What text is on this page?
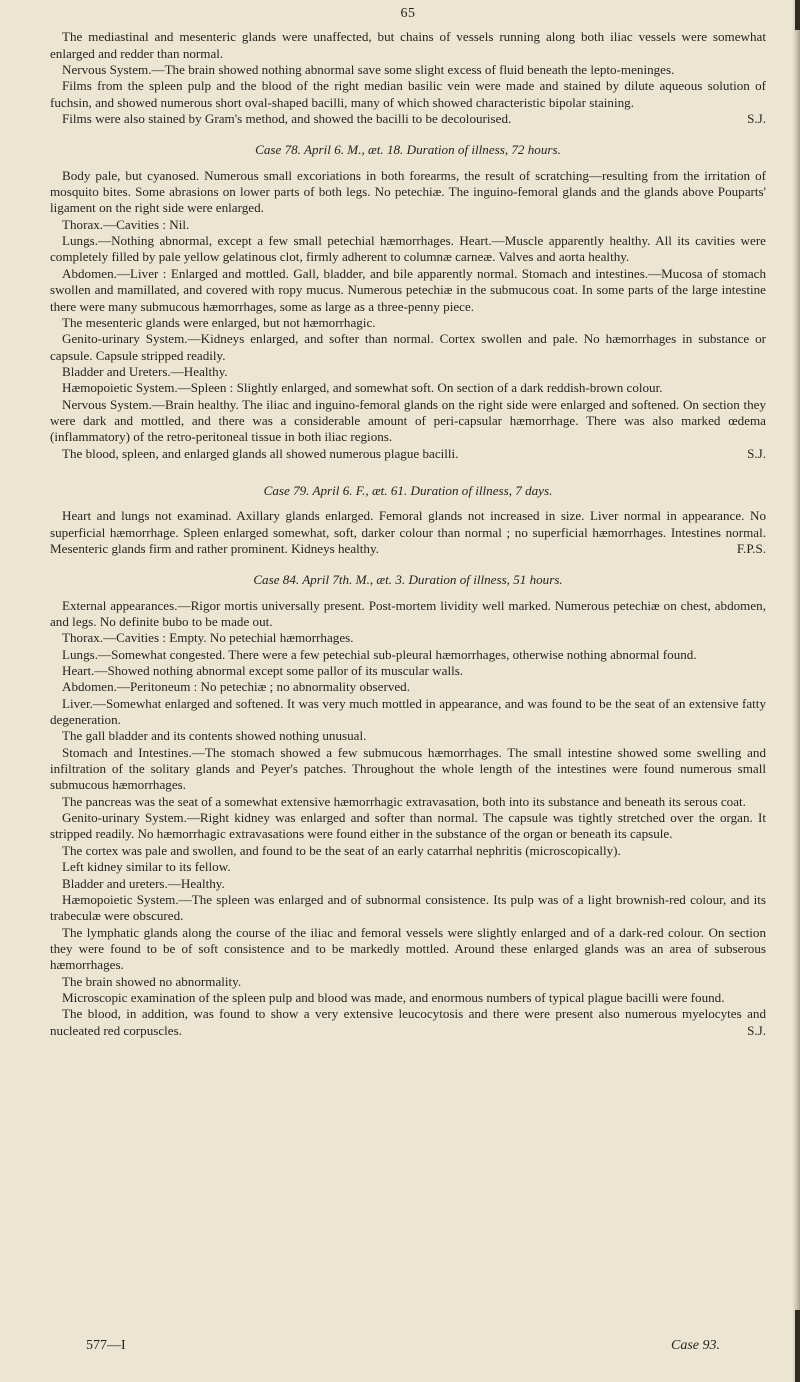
65

The mediastinal and mesenteric glands were unaffected, but chains of vessels running along both iliac vessels were somewhat enlarged and redder than normal.

Nervous System.—The brain showed nothing abnormal save some slight excess of fluid beneath the lepto-meninges.

Films from the spleen pulp and the blood of the right median basilic vein were made and stained by dilute aqueous solution of fuchsin, and showed numerous short oval-shaped bacilli, many of which showed characteristic bipolar staining.

Films were also stained by Gram's method, and showed the bacilli to be decolourised.	S.J.

Case 78. April 6. M., æt. 18. Duration of illness, 72 hours.

Body pale, but cyanosed. Numerous small excoriations in both forearms, the result of scratching—resulting from the irritation of mosquito bites. Some abrasions on lower parts of both legs. No petechiæ. The inguino-femoral glands and the glands above Pouparts' ligament on the right side were enlarged.

Thorax.—Cavities : Nil.

Lungs.—Nothing abnormal, except a few small petechial hæmorrhages. Heart.—Muscle apparently healthy. All its cavities were completely filled by pale yellow gelatinous clot, firmly adherent to columnæ carneæ. Valves and aorta healthy.

Abdomen.—Liver : Enlarged and mottled. Gall, bladder, and bile apparently normal. Stomach and intestines.—Mucosa of stomach swollen and mamillated, and covered with ropy mucus. Numerous petechiæ in the submucous coat. In some parts of the large intestine there were many submucous hæmorrhages, some as large as a three-penny piece.

The mesenteric glands were enlarged, but not hæmorrhagic.

Genito-urinary System.—Kidneys enlarged, and softer than normal. Cortex swollen and pale. No hæmorrhages in substance or capsule. Capsule stripped readily.

Bladder and Ureters.—Healthy.

Hæmopoietic System.—Spleen : Slightly enlarged, and somewhat soft. On section of a dark reddish-brown colour.

Nervous System.—Brain healthy. The iliac and inguino-femoral glands on the right side were enlarged and softened. On section they were dark and mottled, and there was a considerable amount of peri-capsular hæmorrhage. There was also marked œdema (inflammatory) of the retro-peritoneal tissue in both iliac regions.

The blood, spleen, and enlarged glands all showed numerous plague bacilli.	S.J.

Case 79. April 6. F., æt. 61. Duration of illness, 7 days.

Heart and lungs not examinad. Axillary glands enlarged. Femoral glands not increased in size. Liver normal in appearance. No superficial hæmorrhage. Spleen enlarged somewhat, soft, darker colour than normal ; no superficial hæmorrhages. Intestines normal. Mesenteric glands firm and rather prominent. Kidneys healthy.	F.P.S.

Case 84. April 7th. M., æt. 3. Duration of illness, 51 hours.

External appearances.—Rigor mortis universally present. Post-mortem lividity well marked. Numerous petechiæ on chest, abdomen, and legs. No definite bubo to be made out.

Thorax.—Cavities : Empty. No petechial hæmorrhages.

Lungs.—Somewhat congested. There were a few petechial sub-pleural hæmorrhages, otherwise nothing abnormal found.

Heart.—Showed nothing abnormal except some pallor of its muscular walls.

Abdomen.—Peritoneum : No petechiæ ; no abnormality observed.

Liver.—Somewhat enlarged and softened. It was very much mottled in appearance, and was found to be the seat of an extensive fatty degeneration.

The gall bladder and its contents showed nothing unusual.

Stomach and Intestines.—The stomach showed a few submucous hæmorrhages. The small intestine showed some swelling and infiltration of the solitary glands and Peyer's patches. Throughout the whole length of the intestines were found numerous small submucous hæmorrhages.

The pancreas was the seat of a somewhat extensive hæmorrhagic extravasation, both into its substance and beneath its serous coat.

Genito-urinary System.—Right kidney was enlarged and softer than normal. The capsule was tightly stretched over the organ. It stripped readily. No hæmorrhagic extravasations were found either in the substance of the organ or beneath its capsule.

The cortex was pale and swollen, and found to be the seat of an early catarrhal nephritis (microscopically).

Left kidney similar to its fellow.

Bladder and ureters.—Healthy.

Hæmopoietic System.—The spleen was enlarged and of subnormal consistence. Its pulp was of a light brownish-red colour, and its trabeculæ were obscured.

The lymphatic glands along the course of the iliac and femoral vessels were slightly enlarged and of a dark-red colour. On section they were found to be of soft consistence and to be markedly mottled. Around these enlarged glands was an area of subserous hæmorrhages.

The brain showed no abnormality.

Microscopic examination of the spleen pulp and blood was made, and enormous numbers of typical plague bacilli were found.

The blood, in addition, was found to show a very extensive leucocytosis and there were present also numerous myelocytes and nucleated red corpuscles.	S.J.

577—I	Case 93.
